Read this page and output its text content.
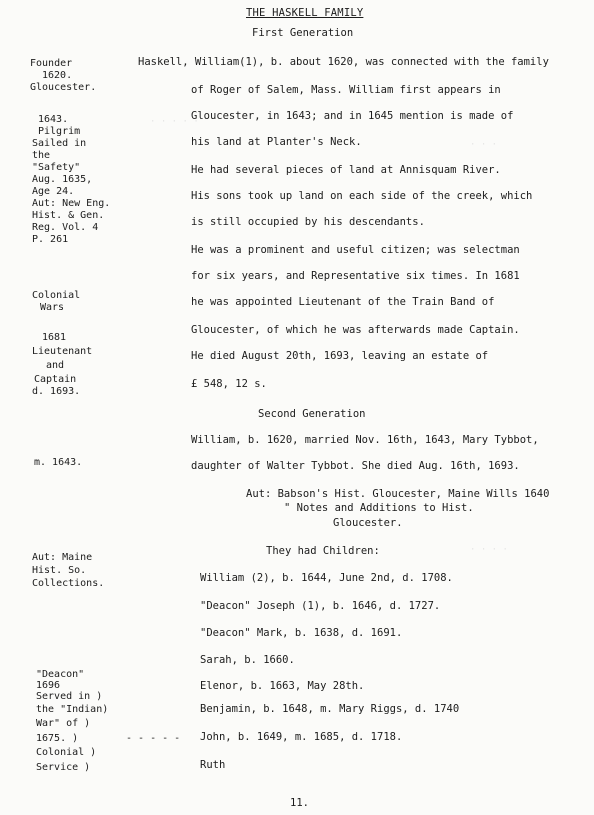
· · · · ·
· · ·
· · · ·
THE HASKELL FAMILY
First Generation
Founder
1620.
Gloucester.
1643.
Pilgrim
Sailed in
the
"Safety"
Aug. 1635,
Age 24.
Aut: New Eng.
Hist. & Gen.
Reg. Vol. 4
P. 261
Colonial
Wars
1681
Lieutenant
and
Captain
d. 1693.
m. 1643.
Aut: Maine
Hist. So.
Collections.
"Deacon"
1696
Served in )
the "Indian)
War" of )
1675. )
Colonial )
Service )
- - - - -
Haskell, William(1), b. about 1620, was connected with the family
of Roger of Salem, Mass. William first appears in
Gloucester, in 1643; and in 1645 mention is made of
his land at Planter's Neck.
He had several pieces of land at Annisquam River.
His sons took up land on each side of the creek, which
is still occupied by his descendants.
He was a prominent and useful citizen; was selectman
for six years, and Representative six times. In 1681
he was appointed Lieutenant of the Train Band of
Gloucester, of which he was afterwards made Captain.
He died August 20th, 1693, leaving an estate of
£ 548, 12 s.
Second Generation
William, b. 1620, married Nov. 16th, 1643, Mary Tybbot,
daughter of Walter Tybbot. She died Aug. 16th, 1693.
Aut: Babson's Hist. Gloucester, Maine Wills 1640
" Notes and Additions to Hist.
Gloucester.
They had Children:
William (2), b. 1644, June 2nd, d. 1708.
"Deacon" Joseph (1), b. 1646, d. 1727.
"Deacon" Mark, b. 1638, d. 1691.
Sarah, b. 1660.
Elenor, b. 1663, May 28th.
Benjamin, b. 1648, m. Mary Riggs, d. 1740
John, b. 1649, m. 1685, d. 1718.
Ruth
11.
